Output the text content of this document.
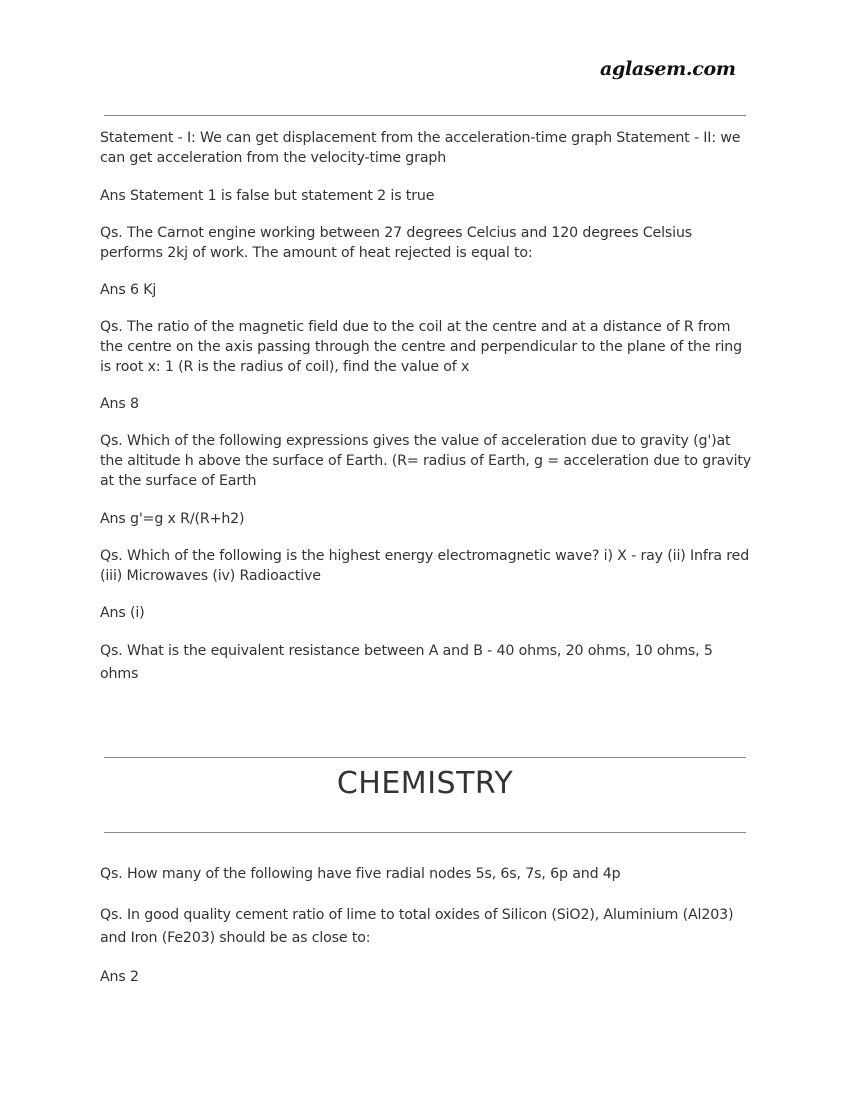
aglasem.com

Statement - I: We can get displacement from the acceleration-time graph Statement - II: we can get acceleration from the velocity-time graph

Ans Statement 1 is false but statement 2 is true

Qs. The Carnot engine working between 27 degrees Celcius and 120 degrees Celsius performs 2kj of work. The amount of heat rejected is equal to:

Ans 6 Kj

Qs. The ratio of the magnetic field due to the coil at the centre and at a distance of R from the centre on the axis passing through the centre and perpendicular to the plane of the ring is root x: 1 (R is the radius of coil), find the value of x

Ans 8

Qs. Which of the following expressions gives the value of acceleration due to gravity (g')at the altitude h above the surface of Earth. (R= radius of Earth, g = acceleration due to gravity at the surface of Earth

Ans g'=g x R/(R+h2)

Qs. Which of the following is the highest energy electromagnetic wave? i) X - ray (ii) Infra red (iii) Microwaves (iv) Radioactive

Ans (i)

Qs. What is the equivalent resistance between A and B - 40 ohms, 20 ohms, 10 ohms, 5 ohms

CHEMISTRY

Qs. How many of the following have five radial nodes 5s, 6s, 7s, 6p and 4p

Qs. In good quality cement ratio of lime to total oxides of Silicon (SiO2), Aluminium (Al203) and Iron (Fe203) should be as close to:

Ans 2
